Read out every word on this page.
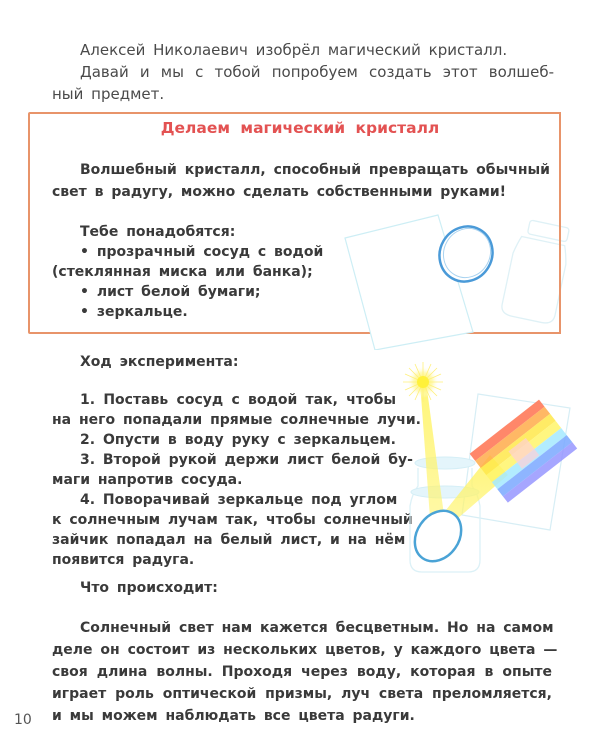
Алексей Николаевич изобрёл магический кристалл.

Давай и мы с тобой попробуем создать этот волшеб-

ный предмет.

Делаем магический кристалл

Волшебный кристалл, способный превращать обычный

свет в радугу, можно сделать собственными руками!

Тебе понадобятся:

• прозрачный сосуд с водой

(стеклянная миска или банка);

• лист белой бумаги;

• зеркальце.

Ход эксперимента:

1. Поставь сосуд с водой так, чтобы

на него попадали прямые солнечные лучи.

2. Опусти в воду руку с зеркальцем.

3. Второй рукой держи лист белой бу-

маги напротив сосуда.

4. Поворачивай зеркальце под углом

к солнечным лучам так, чтобы солнечный

зайчик попадал на белый лист, и на нём

появится радуга.

Что происходит:

Солнечный свет нам кажется бесцветным. Но на самом

деле он состоит из нескольких цветов, у каждого цвета —

своя длина волны. Проходя через воду, которая в опыте

играет роль оптической призмы, луч света преломляется,

и мы можем наблюдать все цвета радуги.

10
